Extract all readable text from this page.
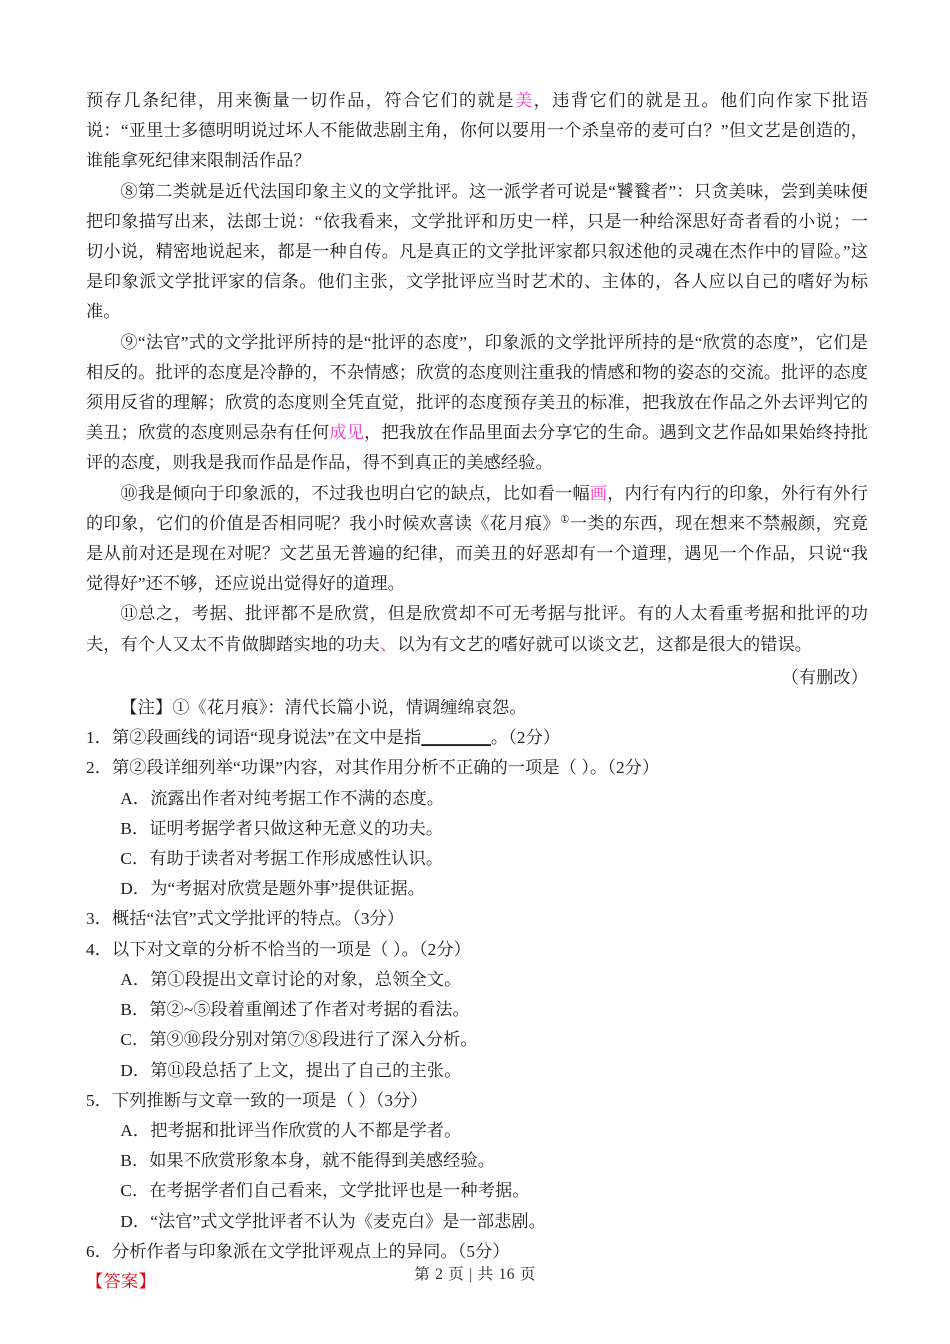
预存几条纪律，用来衡量一切作品，符合它们的就是美，违背它们的就是丑。他们向作家下批语说：“亚里士多德明明说过坏人不能做悲剧主角，你何以要用一个杀皇帝的麦可白？”但文艺是创造的，谁能拿死纪律来限制活作品？

⑧第二类就是近代法国印象主义的文学批评。这一派学者可说是“饕餮者”：只贪美味，尝到美味便把印象描写出来，法郎士说：“依我看来，文学批评和历史一样，只是一种给深思好奇者看的小说；一切小说，精密地说起来，都是一种自传。凡是真正的文学批评家都只叙述他的灵魂在杰作中的冒险。”这是印象派文学批评家的信条。他们主张，文学批评应当时艺术的、主体的，各人应以自己的嗜好为标准。

⑨“法官”式的文学批评所持的是“批评的态度”，印象派的文学批评所持的是“欣赏的态度”，它们是相反的。批评的态度是冷静的，不杂情感；欣赏的态度则注重我的情感和物的姿态的交流。批评的态度须用反省的理解；欣赏的态度则全凭直觉，批评的态度预存美丑的标准，把我放在作品之外去评判它的美丑；欣赏的态度则忌杂有任何成见，把我放在作品里面去分享它的生命。遇到文艺作品如果始终持批评的态度，则我是我而作品是作品，得不到真正的美感经验。

⑩我是倾向于印象派的，不过我也明白它的缺点，比如看一幅画，内行有内行的印象，外行有外行的印象，它们的价值是否相同呢？我小时候欢喜读《花月痕》①一类的东西，现在想来不禁赧颜，究竟是从前对还是现在对呢？文艺虽无普遍的纪律，而美丑的好恶却有一个道理，遇见一个作品，只说“我觉得好”还不够，还应说出觉得好的道理。

⑪总之，考据、批评都不是欣赏，但是欣赏却不可无考据与批评。有的人太看重考据和批评的功夫，有个人又太不肯做脚踏实地的功夫、以为有文艺的嗜好就可以谈文艺，这都是很大的错误。

（有删改）

【注】①《花月痕》：清代长篇小说，情调缠绵哀怨。

1．第②段画线的词语“现身说法”在文中是指________。（2分）

2．第②段详细列举“功课”内容，对其作用分析不正确的一项是（ ）。（2分）

A．流露出作者对纯考据工作不满的态度。

B．证明考据学者只做这种无意义的功夫。

C．有助于读者对考据工作形成感性认识。

D．为“考据对欣赏是题外事”提供证据。

3．概括“法官”式文学批评的特点。（3分）

4．以下对文章的分析不恰当的一项是（ ）。（2分）

A．第①段提出文章讨论的对象，总领全文。

B．第②~⑤段着重阐述了作者对考据的看法。

C．第⑨⑩段分别对第⑦⑧段进行了深入分析。

D．第⑪段总括了上文，提出了自己的主张。

5．下列推断与文章一致的一项是（ ）（3分）

A．把考据和批评当作欣赏的人不都是学者。

B．如果不欣赏形象本身，就不能得到美感经验。

C．在考据学者们自己看来，文学批评也是一种考据。

D．“法官”式文学批评者不认为《麦克白》是一部悲剧。

6．分析作者与印象派在文学批评观点上的异同。（5分）

【答案】	第 2 页 | 共 16 页
